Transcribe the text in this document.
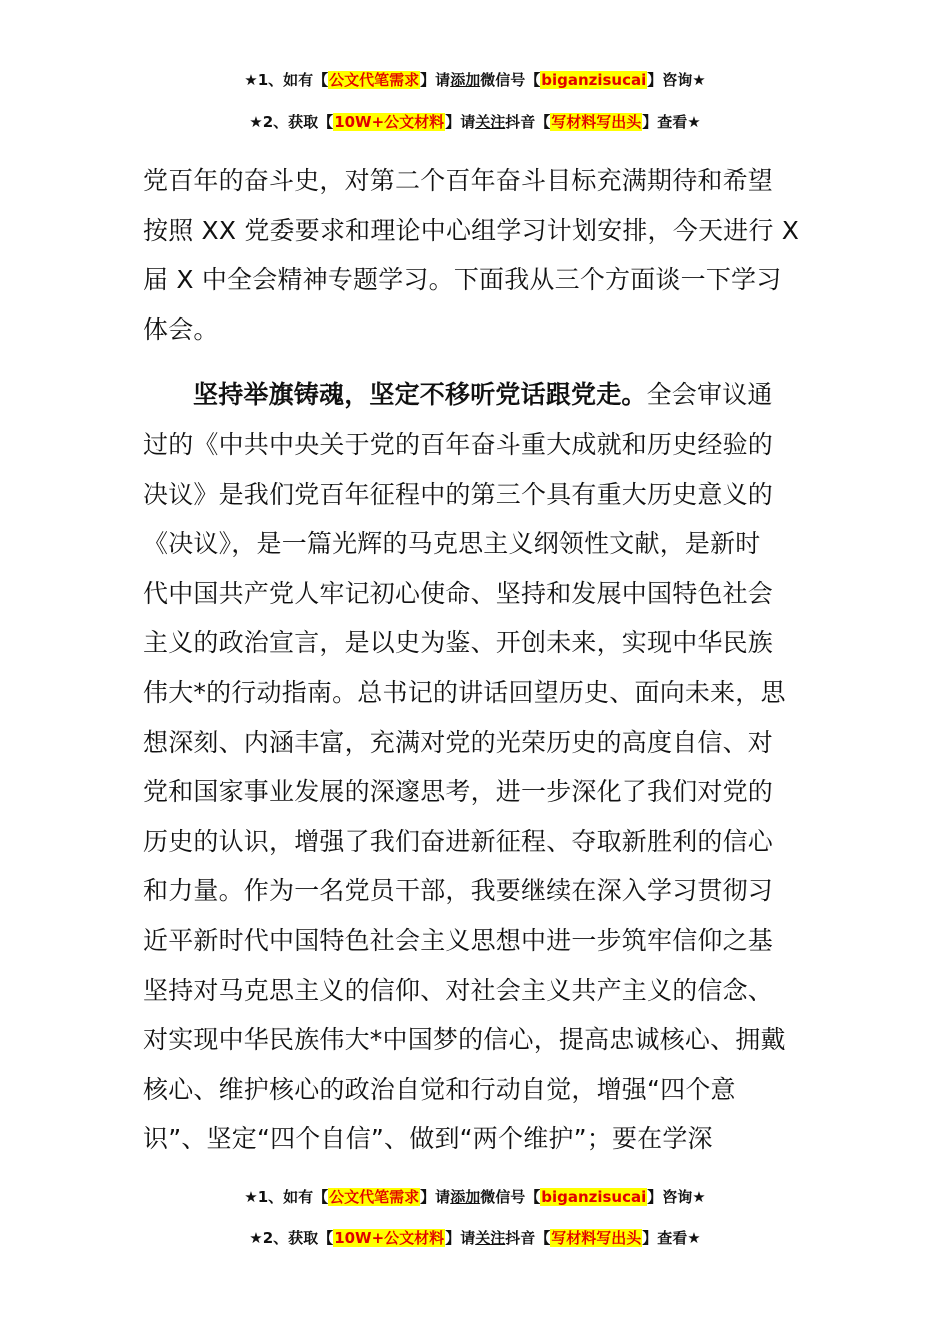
★1、如有【公文代笔需求】请添加微信号【biganzisucai】咨询★
★2、获取【10W+公文材料】请关注抖音【写材料写出头】查看★
党百年的奋斗史，对第二个百年奋斗目标充满期待和希望
按照 XX 党委要求和理论中心组学习计划安排，今天进行 X
届 X 中全会精神专题学习。下面我从三个方面谈一下学习
体会。
坚持举旗铸魂，坚定不移听党话跟党走。全会审议通
过的《中共中央关于党的百年奋斗重大成就和历史经验的
决议》是我们党百年征程中的第三个具有重大历史意义的
《决议》，是一篇光辉的马克思主义纲领性文献，是新时
代中国共产党人牢记初心使命、坚持和发展中国特色社会
主义的政治宣言，是以史为鉴、开创未来，实现中华民族
伟大*的行动指南。总书记的讲话回望历史、面向未来，思
想深刻、内涵丰富，充满对党的光荣历史的高度自信、对
党和国家事业发展的深邃思考，进一步深化了我们对党的
历史的认识，增强了我们奋进新征程、夺取新胜利的信心
和力量。作为一名党员干部，我要继续在深入学习贯彻习
近平新时代中国特色社会主义思想中进一步筑牢信仰之基
坚持对马克思主义的信仰、对社会主义共产主义的信念、
对实现中华民族伟大*中国梦的信心，提高忠诚核心、拥戴
核心、维护核心的政治自觉和行动自觉，增强“四个意
识”、坚定“四个自信”、做到“两个维护”；要在学深
★1、如有【公文代笔需求】请添加微信号【biganzisucai】咨询★
★2、获取【10W+公文材料】请关注抖音【写材料写出头】查看★
